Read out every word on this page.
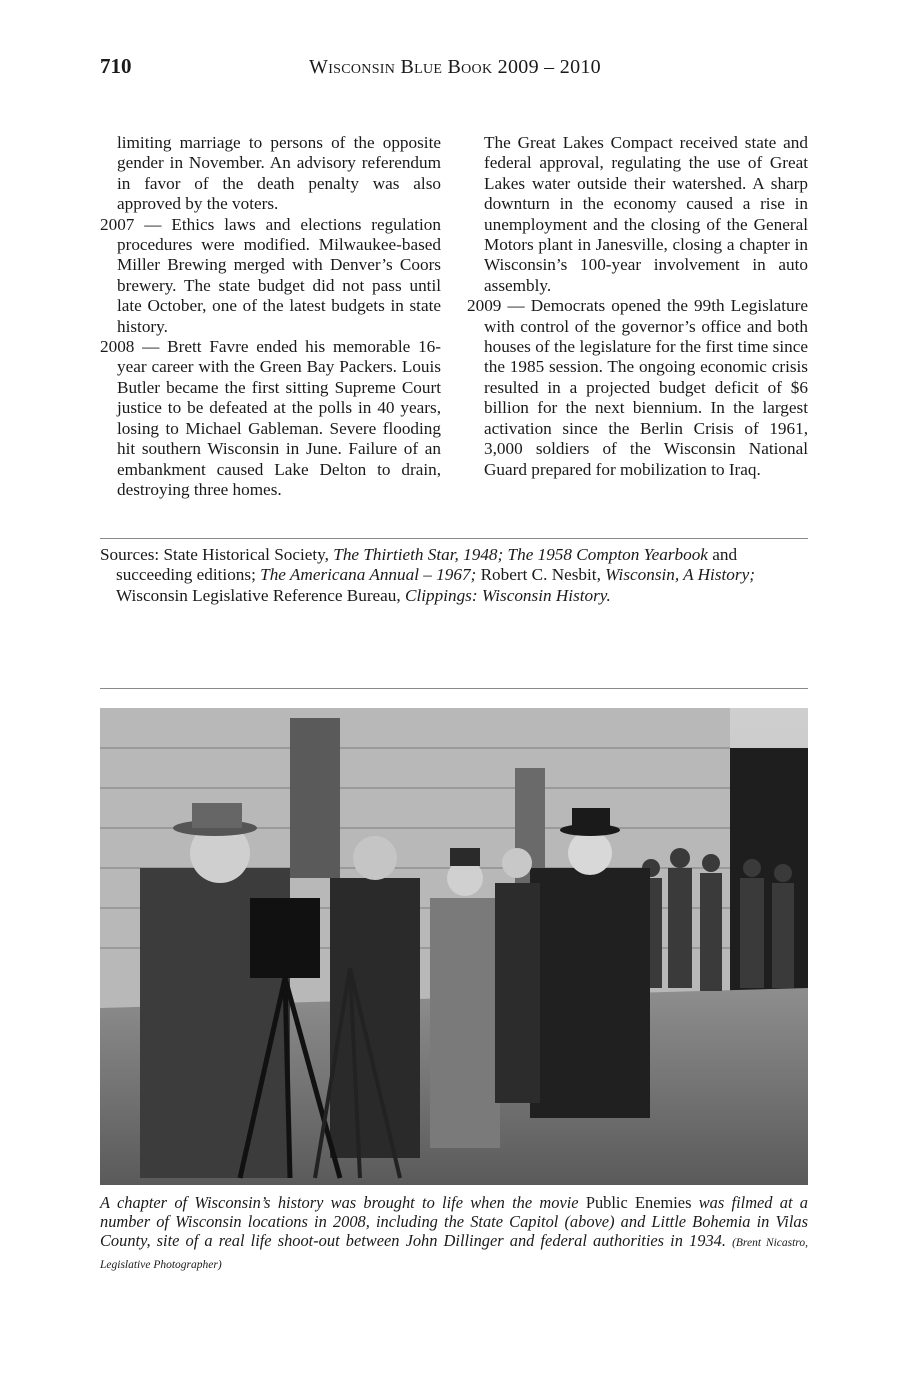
710	Wisconsin Blue Book 2009 – 2010

limiting marriage to persons of the opposite gender in November. An advisory referendum in favor of the death penalty was also approved by the voters.

2007 — Ethics laws and elections regulation procedures were modified. Milwaukee-based Miller Brewing merged with Denver’s Coors brewery. The state budget did not pass until late October, one of the latest budgets in state history.

2008 — Brett Favre ended his memorable 16-year career with the Green Bay Packers. Louis Butler became the first sitting Supreme Court justice to be defeated at the polls in 40 years, losing to Michael Gableman. Severe flooding hit southern Wisconsin in June. Failure of an embankment caused Lake Delton to drain, destroying three homes.

The Great Lakes Compact received state and federal approval, regulating the use of Great Lakes water outside their watershed. A sharp downturn in the economy caused a rise in unemployment and the closing of the General Motors plant in Janesville, closing a chapter in Wisconsin’s 100-year involvement in auto assembly.

2009 — Democrats opened the 99th Legislature with control of the governor’s office and both houses of the legislature for the first time since the 1985 session. The ongoing economic crisis resulted in a projected budget deficit of $6 billion for the next biennium. In the largest activation since the Berlin Crisis of 1961, 3,000 soldiers of the Wisconsin National Guard prepared for mobilization to Iraq.

Sources: State Historical Society, The Thirtieth Star, 1948; The 1958 Compton Yearbook and succeeding editions; The Americana Annual – 1967; Robert C. Nesbit, Wisconsin, A History; Wisconsin Legislative Reference Bureau, Clippings: Wisconsin History.
A chapter of Wisconsin’s history was brought to life when the movie Public Enemies was filmed at a number of Wisconsin locations in 2008, including the State Capitol (above) and Little Bohemia in Vilas County, site of a real life shoot-out between John Dillinger and federal authorities in 1934. (Brent Nicastro, Legislative Photographer)
